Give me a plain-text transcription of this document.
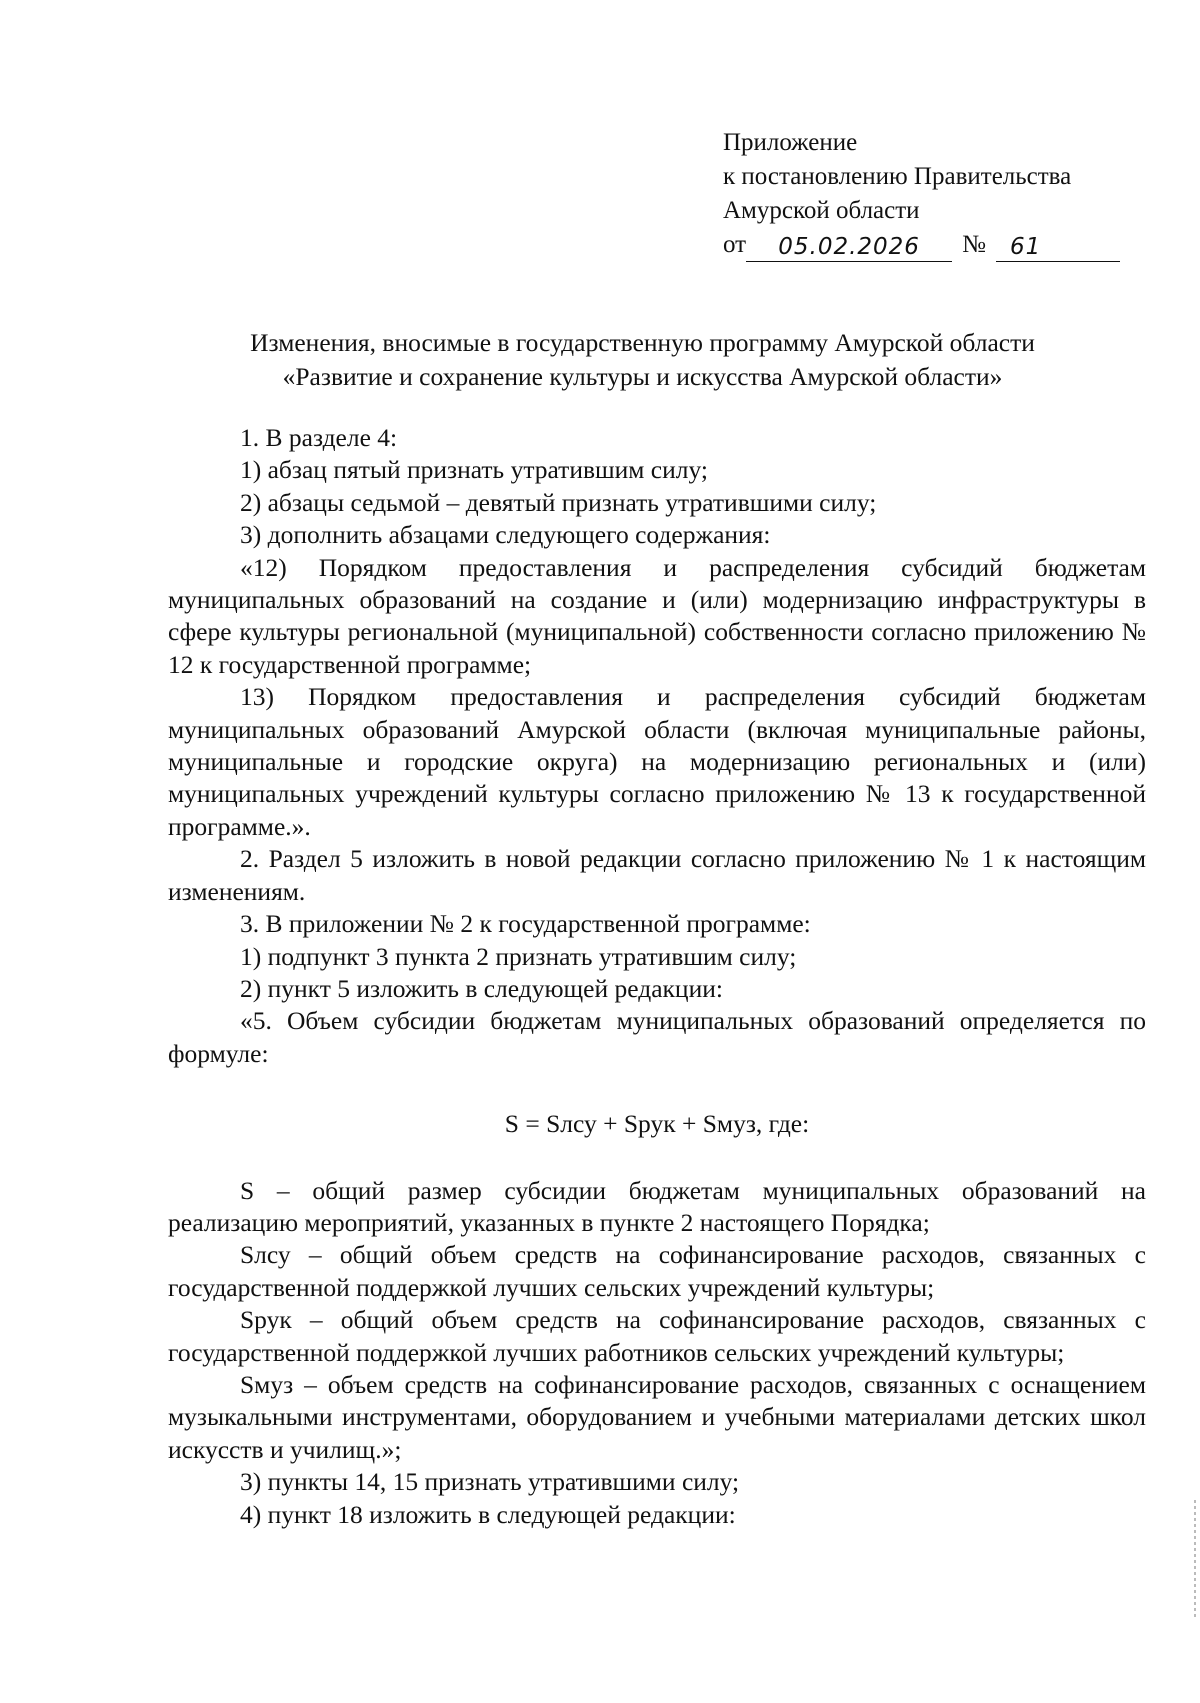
Приложение
к постановлению Правительства
Амурской области
от	05.02.2026	№	61
Изменения, вносимые в государственную программу Амурской области
«Развитие и сохранение культуры и искусства Амурской области»

1. В разделе 4:

1) абзац пятый признать утратившим силу;

2) абзацы седьмой – девятый признать утратившими силу;

3) дополнить абзацами следующего содержания:

«12) Порядком предоставления и распределения субсидий бюджетам муниципальных образований на создание и (или) модернизацию инфраструктуры в сфере культуры региональной (муниципальной) собственности согласно приложению № 12 к государственной программе;

13) Порядком предоставления и распределения субсидий бюджетам муниципальных образований Амурской области (включая муниципальные районы, муниципальные и городские округа) на модернизацию региональных и (или) муниципальных учреждений культуры согласно приложению № 13 к государственной программе.».

2. Раздел 5 изложить в новой редакции согласно приложению № 1 к настоящим изменениям.

3. В приложении № 2 к государственной программе:

1) подпункт 3 пункта 2 признать утратившим силу;

2) пункт 5 изложить в следующей редакции:

«5. Объем субсидии бюджетам муниципальных образований определяется по формуле:

S = Sлсу + Sрук + Sмуз, где:

S – общий размер субсидии бюджетам муниципальных образований на реализацию мероприятий, указанных в пункте 2 настоящего Порядка;

Sлсу – общий объем средств на софинансирование расходов, связанных с государственной поддержкой лучших сельских учреждений культуры;

Sрук – общий объем средств на софинансирование расходов, связанных с государственной поддержкой лучших работников сельских учреждений культуры;

Sмуз – объем средств на софинансирование расходов, связанных с оснащением музыкальными инструментами, оборудованием и учебными материалами детских школ искусств и училищ.»;

3) пункты 14, 15 признать утратившими силу;

4) пункт 18 изложить в следующей редакции:
